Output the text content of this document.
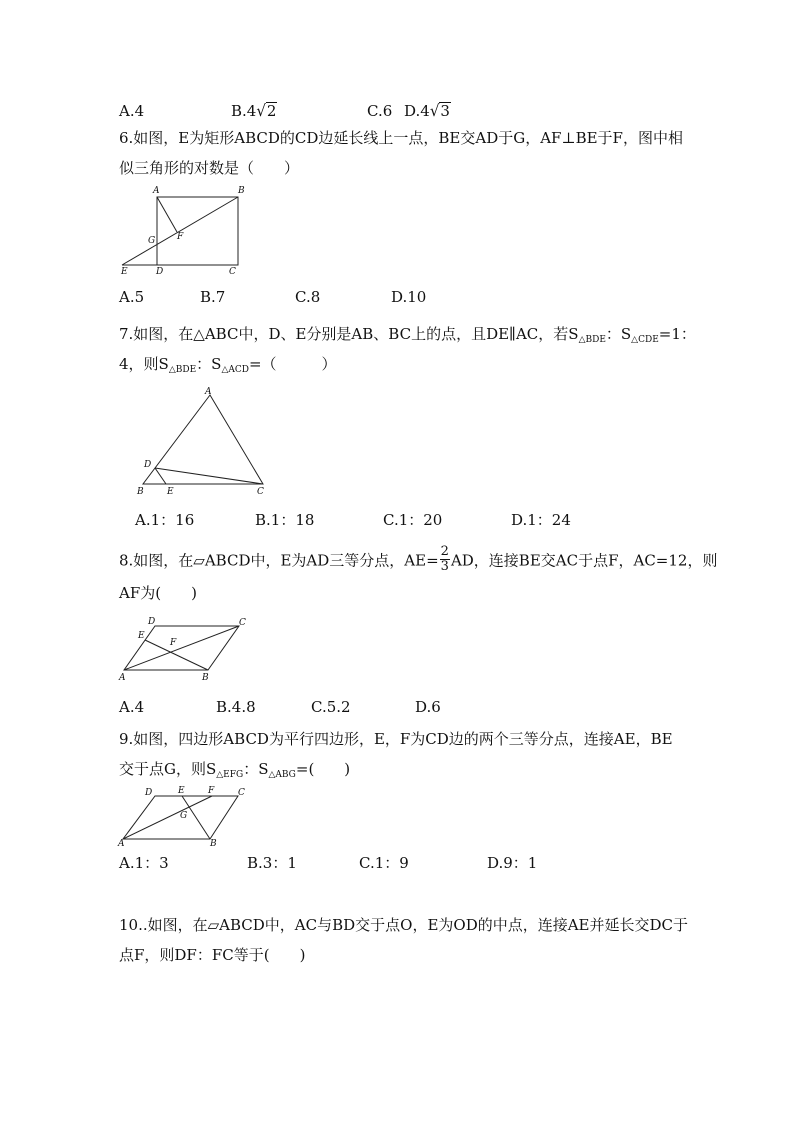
A.4	B.4√2	C.6 D.4√3
6.如图，E为矩形ABCD的CD边延长线上一点，BE交AD于G，AF⊥BE于F，图中相
似三角形的对数是（　　）
A	B
G F
E	D	C
A.5	B.7	C.8	D.10
7.如图，在△ABC中，D、E分别是AB、BC上的点，且DE∥AC，若$S_{\triangle BDE}$：$S_{\triangle CDE}=1$：
4，则$S_{\triangle BDE}$：$S_{\triangle ACD}=$（　　　）
A
D
B	E	C
A.1：16	B.1：18	C.1：20	D.1：24
8.如图，在▱ABCD中，E为AD三等分点，$AE= \frac{2}{3}$ AD，连接BE交AC于点F，AC=12，则
AF为(　　)
D	C
E
F
A	B
A.4	B.4.8	C.5.2	D.6
9.如图，四边形ABCD为平行四边形，E，F为CD边的两个三等分点，连接AE，BE
交于点G，则$S_{\triangle EFG}$：$S_{\triangle ABG}=$(　　)
D	E	F	C
G
A	B
A.1：3	B.3：1	C.1：9	D.9：1
10..如图，在▱ABCD中，AC与BD交于点O，E为OD的中点，连接AE并延长交DC于
点F，则DF：FC等于(　　)
